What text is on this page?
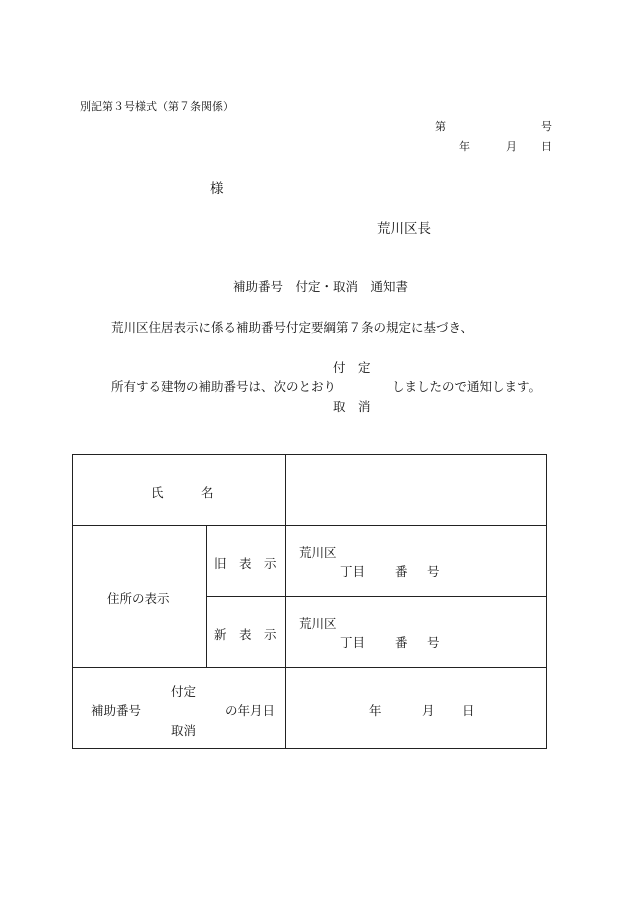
別記第３号様式（第７条関係）
第	号
年	月 日
様
荒川区長
補助番号　付定・取消　通知書
荒川区住居表示に係る補助番号付定要綱第７条の規定に基づき、
付　定
所有する建物の補助番号は、次のとおり	しましたので通知します。
取　消
氏　　　名		

住所の表示	旧　表　示	荒川区
丁目 番 号

	新　表　示	荒川区
丁目 番 号

付定
補助番号 の年月日
取消		年 月 日
